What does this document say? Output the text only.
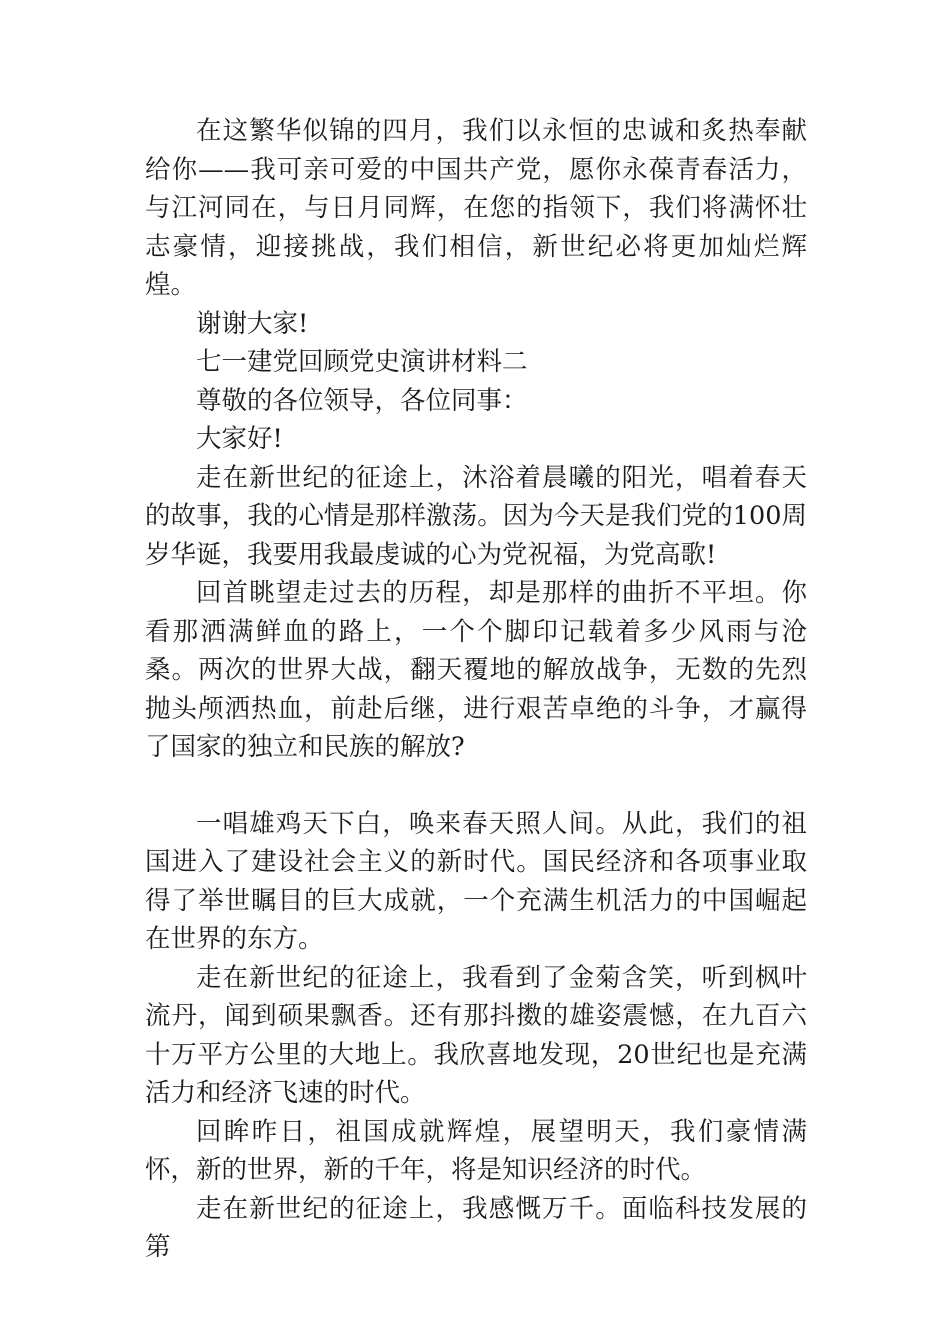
在这繁华似锦的四月，我们以永恒的忠诚和炙热奉献给你——我可亲可爱的中国共产党，愿你永葆青春活力，与江河同在，与日月同辉，在您的指领下，我们将满怀壮志豪情，迎接挑战，我们相信，新世纪必将更加灿烂辉煌。

谢谢大家!

七一建党回顾党史演讲材料二

尊敬的各位领导，各位同事：

大家好!

走在新世纪的征途上，沐浴着晨曦的阳光，唱着春天的故事，我的心情是那样激荡。因为今天是我们党的100周岁华诞，我要用我最虔诚的心为党祝福，为党高歌!

回首眺望走过去的历程，却是那样的曲折不平坦。你看那洒满鲜血的路上，一个个脚印记载着多少风雨与沧桑。两次的世界大战，翻天覆地的解放战争，无数的先烈抛头颅洒热血，前赴后继，进行艰苦卓绝的斗争，才赢得了国家的独立和民族的解放?

一唱雄鸡天下白，唤来春天照人间。从此，我们的祖国进入了建设社会主义的新时代。国民经济和各项事业取得了举世瞩目的巨大成就，一个充满生机活力的中国崛起在世界的东方。

走在新世纪的征途上，我看到了金菊含笑，听到枫叶流丹，闻到硕果飘香。还有那抖擞的雄姿震憾，在九百六十万平方公里的大地上。我欣喜地发现，20世纪也是充满活力和经济飞速的时代。

回眸昨日，祖国成就辉煌，展望明天，我们豪情满怀，新的世界，新的千年，将是知识经济的时代。

走在新世纪的征途上，我感慨万千。面临科技发展的第
